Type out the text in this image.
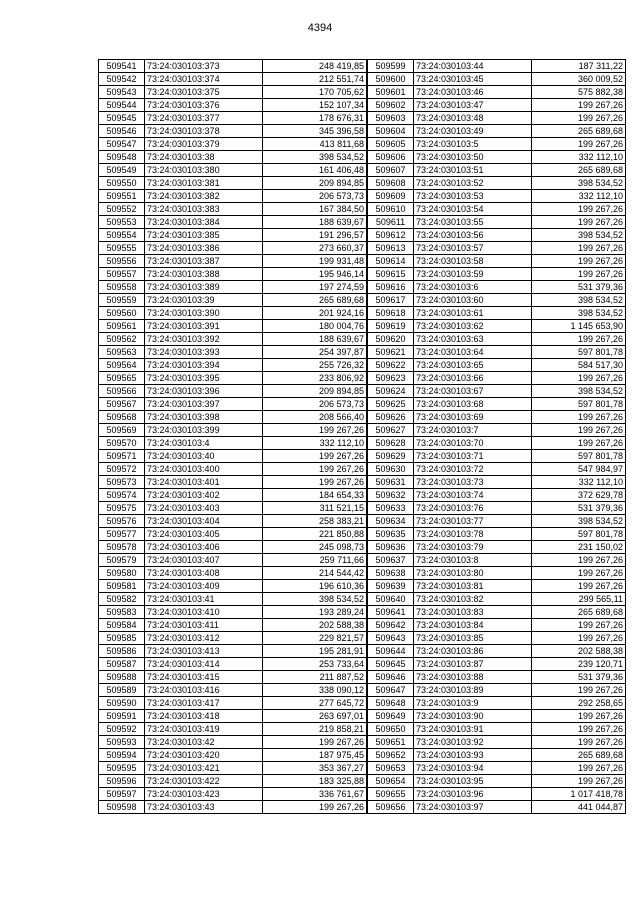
4394
509541	73:24:030103:373	248 419,85
509542	73:24:030103:374	212 551,74
509543	73:24:030103:375	170 705,62
509544	73:24:030103:376	152 107,34
509545	73:24:030103:377	178 676,31
509546	73:24:030103:378	345 396,58
509547	73:24:030103:379	413 811,68
509548	73:24:030103:38	398 534,52
509549	73:24:030103:380	161 406,48
509550	73:24:030103:381	209 894,85
509551	73:24:030103:382	206 573,73
509552	73:24:030103:383	167 384,50
509553	73:24:030103:384	188 639,67
509554	73:24:030103:385	191 296,57
509555	73:24:030103:386	273 660,37
509556	73:24:030103:387	199 931,48
509557	73:24:030103:388	195 946,14
509558	73:24:030103:389	197 274,59
509559	73:24:030103:39	265 689,68
509560	73:24:030103:390	201 924,16
509561	73:24:030103:391	180 004,76
509562	73:24:030103:392	188 639,67
509563	73:24:030103:393	254 397,87
509564	73:24:030103:394	255 726,32
509565	73:24:030103:395	233 806,92
509566	73:24:030103:396	209 894,85
509567	73:24:030103:397	206 573,73
509568	73:24:030103:398	208 566,40
509569	73:24:030103:399	199 267,26
509570	73:24:030103:4	332 112,10
509571	73:24:030103:40	199 267,26
509572	73:24:030103:400	199 267,26
509573	73:24:030103:401	199 267,26
509574	73:24:030103:402	184 654,33
509575	73:24:030103:403	311 521,15
509576	73:24:030103:404	258 383,21
509577	73:24:030103:405	221 850,88
509578	73:24:030103:406	245 098,73
509579	73:24:030103:407	259 711,66
509580	73:24:030103:408	214 544,42
509581	73:24:030103:409	196 610,36
509582	73:24:030103:41	398 534,52
509583	73:24:030103:410	193 289,24
509584	73:24:030103:411	202 588,38
509585	73:24:030103:412	229 821,57
509586	73:24:030103:413	195 281,91
509587	73:24:030103:414	253 733,64
509588	73:24:030103:415	211 887,52
509589	73:24:030103:416	338 090,12
509590	73:24:030103:417	277 645,72
509591	73:24:030103:418	263 697,01
509592	73:24:030103:419	219 858,21
509593	73:24:030103:42	199 267,26
509594	73:24:030103:420	187 975,45
509595	73:24:030103:421	353 367,27
509596	73:24:030103:422	183 325,88
509597	73:24:030103:423	336 761,67
509598	73:24:030103:43	199 267,26
509599	73:24:030103:44	187 311,22
509600	73:24:030103:45	360 009,52
509601	73:24:030103:46	575 882,38
509602	73:24:030103:47	199 267,26
509603	73:24:030103:48	199 267,26
509604	73:24:030103:49	265 689,68
509605	73:24:030103:5	199 267,26
509606	73:24:030103:50	332 112,10
509607	73:24:030103:51	265 689,68
509608	73:24:030103:52	398 534,52
509609	73:24:030103:53	332 112,10
509610	73:24:030103:54	199 267,26
509611	73:24:030103:55	199 267,26
509612	73:24:030103:56	398 534,52
509613	73:24:030103:57	199 267,26
509614	73:24:030103:58	199 267,26
509615	73:24:030103:59	199 267,26
509616	73:24:030103:6	531 379,36
509617	73:24:030103:60	398 534,52
509618	73:24:030103:61	398 534,52
509619	73:24:030103:62	1 145 653,90
509620	73:24:030103:63	199 267,26
509621	73:24:030103:64	597 801,78
509622	73:24:030103:65	584 517,30
509623	73:24:030103:66	199 267,26
509624	73:24:030103:67	398 534,52
509625	73:24:030103:68	597 801,78
509626	73:24:030103:69	199 267,26
509627	73:24:030103:7	199 267,26
509628	73:24:030103:70	199 267,26
509629	73:24:030103:71	597 801,78
509630	73:24:030103:72	547 984,97
509631	73:24:030103:73	332 112,10
509632	73:24:030103:74	372 629,78
509633	73:24:030103:76	531 379,36
509634	73:24:030103:77	398 534,52
509635	73:24:030103:78	597 801,78
509636	73:24:030103:79	231 150,02
509637	73:24:030103:8	199 267,26
509638	73:24:030103:80	199 267,26
509639	73:24:030103:81	199 267,26
509640	73:24:030103:82	299 565,11
509641	73:24:030103:83	265 689,68
509642	73:24:030103:84	199 267,26
509643	73:24:030103:85	199 267,26
509644	73:24:030103:86	202 588,38
509645	73:24:030103:87	239 120,71
509646	73:24:030103:88	531 379,36
509647	73:24:030103:89	199 267,26
509648	73:24:030103:9	292 258,65
509649	73:24:030103:90	199 267,26
509650	73:24:030103:91	199 267,26
509651	73:24:030103:92	199 267,26
509652	73:24:030103:93	265 689,68
509653	73:24:030103:94	199 267,26
509654	73:24:030103:95	199 267,26
509655	73:24:030103:96	1 017 418,78
509656	73:24:030103:97	441 044,87
